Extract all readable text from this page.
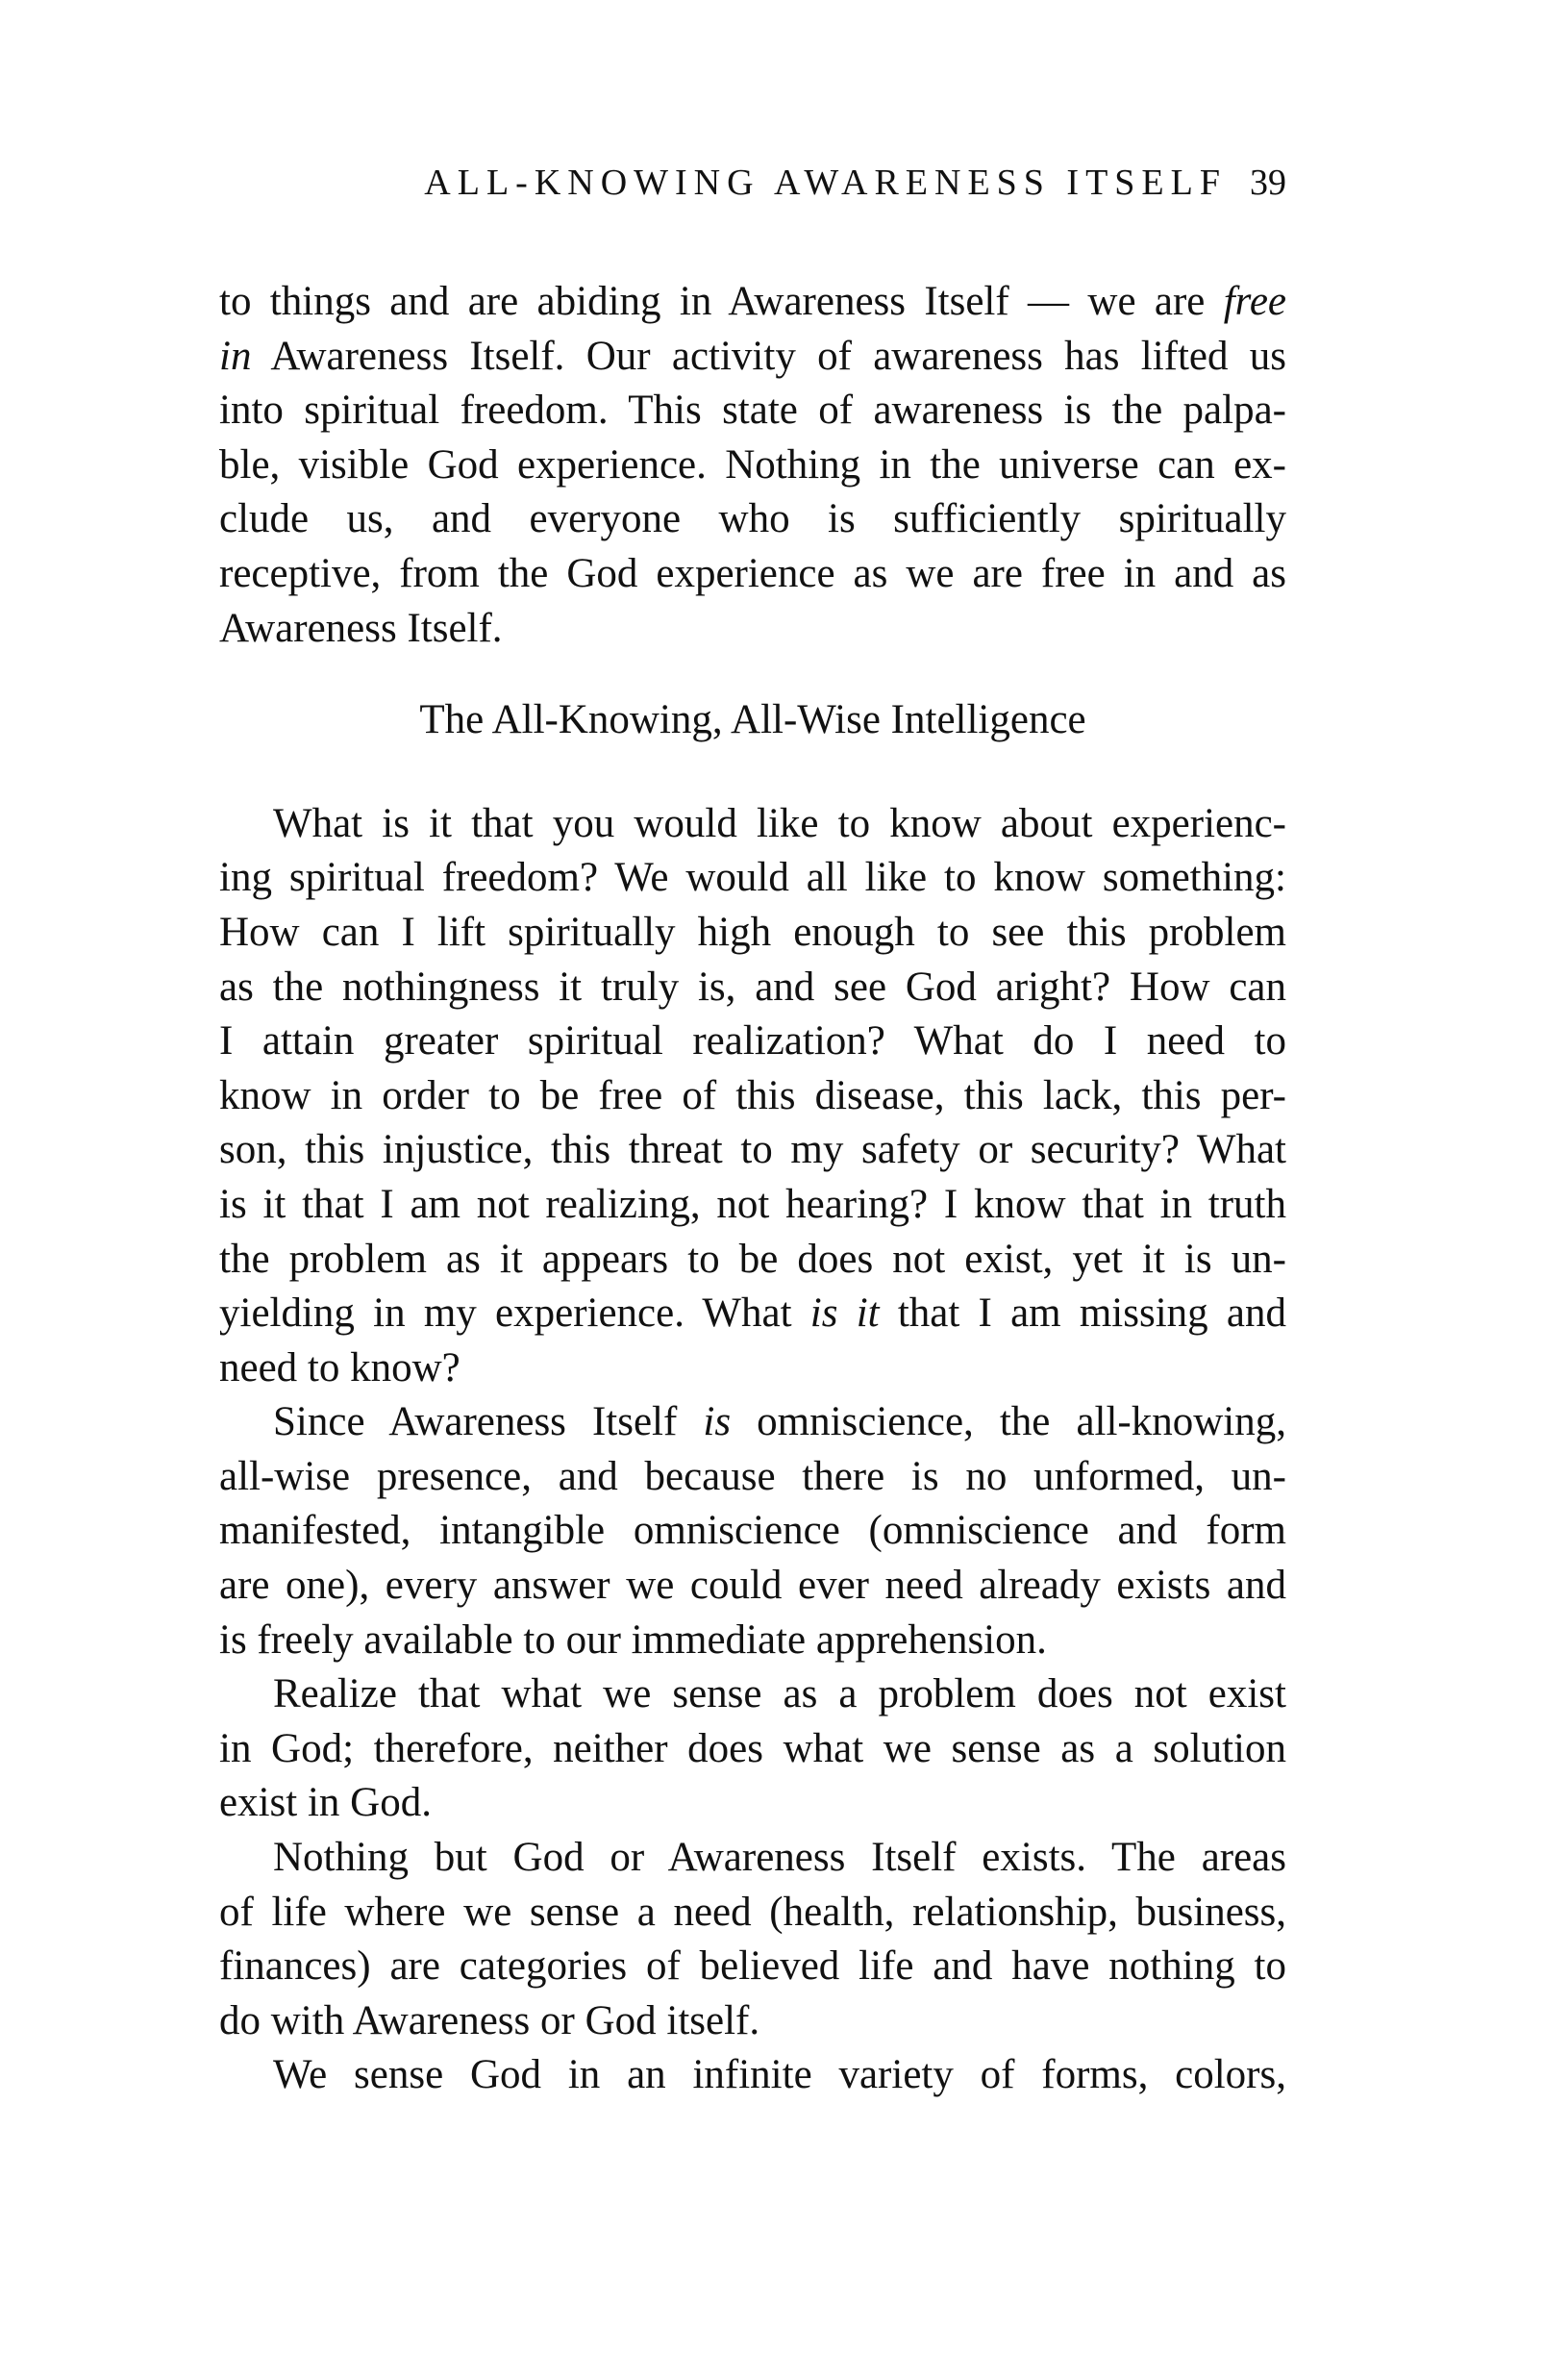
ALL-KNOWING AWARENESS ITSELF 39
to things and are abiding in Awareness Itself — we are free
in Awareness Itself. Our activity of awareness has lifted us
into spiritual freedom. This state of awareness is the palpa-
ble, visible God experience. Nothing in the universe can ex-
clude us, and everyone who is sufficiently spiritually
receptive, from the God experience as we are free in and as
Awareness Itself.
The All-Knowing, All-Wise Intelligence
What is it that you would like to know about experienc-
ing spiritual freedom? We would all like to know something:
How can I lift spiritually high enough to see this problem
as the nothingness it truly is, and see God aright? How can
I attain greater spiritual realization? What do I need to
know in order to be free of this disease, this lack, this per-
son, this injustice, this threat to my safety or security? What
is it that I am not realizing, not hearing? I know that in truth
the problem as it appears to be does not exist, yet it is un-
yielding in my experience. What is it that I am missing and
need to know?
Since Awareness Itself is omniscience, the all-knowing,
all-wise presence, and because there is no unformed, un-
manifested, intangible omniscience (omniscience and form
are one), every answer we could ever need already exists and
is freely available to our immediate apprehension.
Realize that what we sense as a problem does not exist
in God; therefore, neither does what we sense as a solution
exist in God.
Nothing but God or Awareness Itself exists. The areas
of life where we sense a need (health, relationship, business,
finances) are categories of believed life and have nothing to
do with Awareness or God itself.
We sense God in an infinite variety of forms, colors,
